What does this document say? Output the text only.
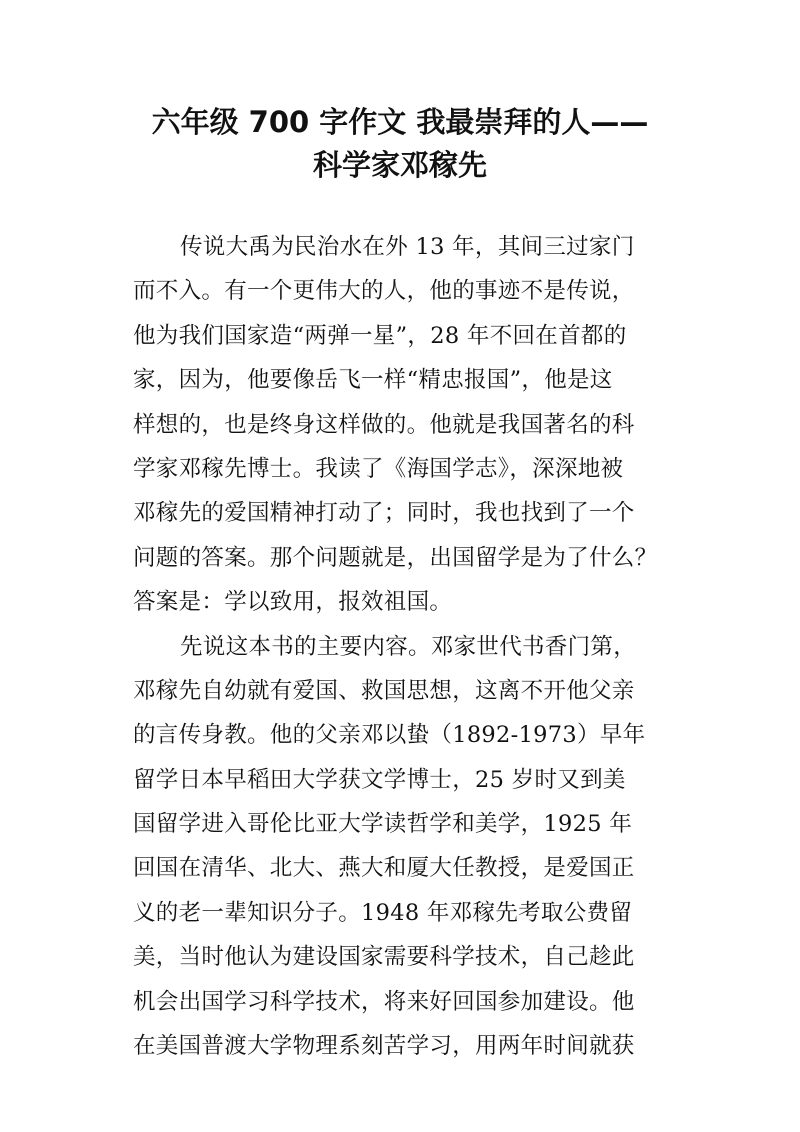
六年级 700 字作文 我最崇拜的人——
科学家邓稼先
传说大禹为民治水在外 13 年，其间三过家门
而不入。有一个更伟大的人，他的事迹不是传说，
他为我们国家造“两弹一星”，28 年不回在首都的
家，因为，他要像岳飞一样“精忠报国”，他是这
样想的，也是终身这样做的。他就是我国著名的科
学家邓稼先博士。我读了《海国学志》，深深地被
邓稼先的爱国精神打动了；同时，我也找到了一个
问题的答案。那个问题就是，出国留学是为了什么？
答案是：学以致用，报效祖国。
先说这本书的主要内容。邓家世代书香门第，
邓稼先自幼就有爱国、救国思想，这离不开他父亲
的言传身教。他的父亲邓以蛰（1892-1973）早年
留学日本早稻田大学获文学博士，25 岁时又到美
国留学进入哥伦比亚大学读哲学和美学，1925 年
回国在清华、北大、燕大和厦大任教授，是爱国正
义的老一辈知识分子。1948 年邓稼先考取公费留
美，当时他认为建设国家需要科学技术，自己趁此
机会出国学习科学技术，将来好回国参加建设。他
在美国普渡大学物理系刻苦学习，用两年时间就获
